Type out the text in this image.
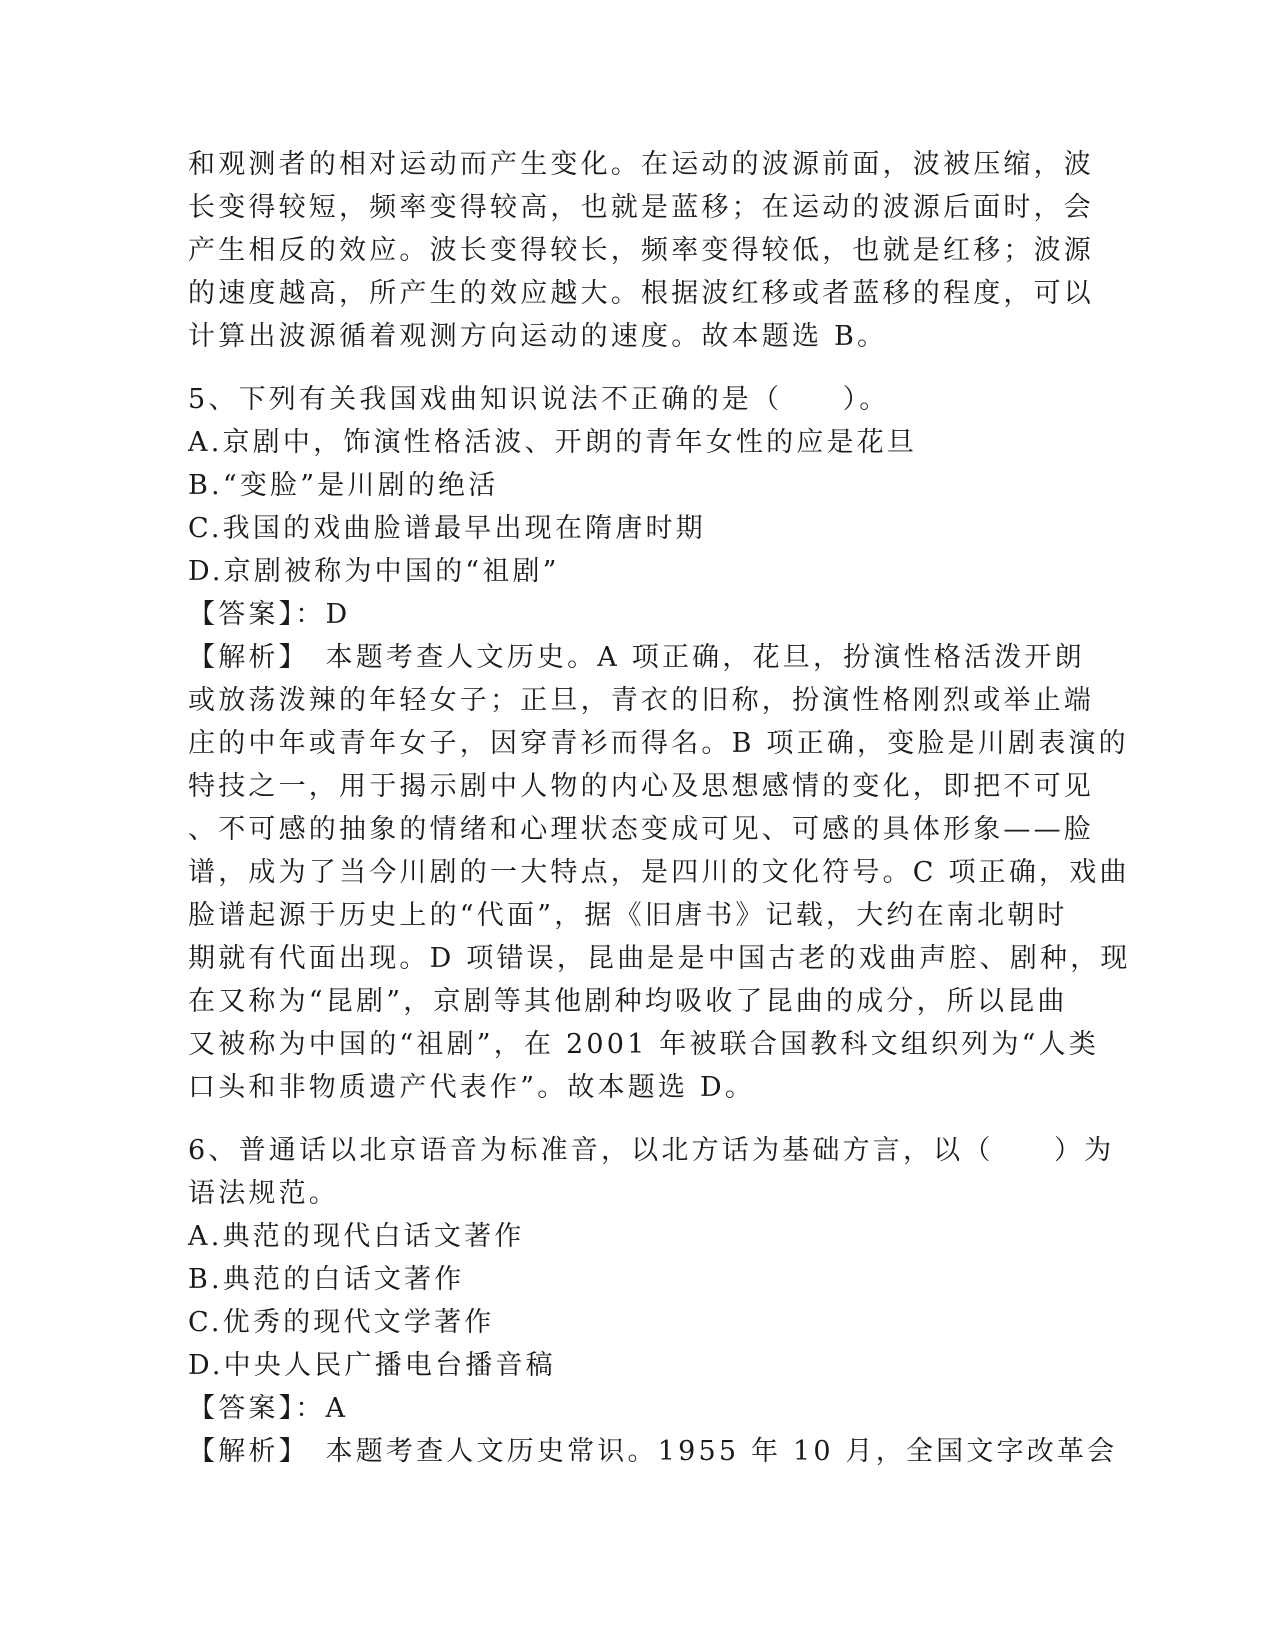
和观测者的相对运动而产生变化。在运动的波源前面，波被压缩，波

长变得较短，频率变得较高，也就是蓝移；在运动的波源后面时，会

产生相反的效应。波长变得较长，频率变得较低，也就是红移；波源

的速度越高，所产生的效应越大。根据波红移或者蓝移的程度，可以

计算出波源循着观测方向运动的速度。故本题选 B。

5、下列有关我国戏曲知识说法不正确的是（　　）。

A.京剧中，饰演性格活波、开朗的青年女性的应是花旦

B.“变脸”是川剧的绝活

C.我国的戏曲脸谱最早出现在隋唐时期

D.京剧被称为中国的“祖剧”

【答案】：D

【解析】　本题考查人文历史。A 项正确，花旦，扮演性格活泼开朗

或放荡泼辣的年轻女子；正旦，青衣的旧称，扮演性格刚烈或举止端

庄的中年或青年女子，因穿青衫而得名。B 项正确，变脸是川剧表演的

特技之一，用于揭示剧中人物的内心及思想感情的变化，即把不可见

、不可感的抽象的情绪和心理状态变成可见、可感的具体形象——脸

谱，成为了当今川剧的一大特点，是四川的文化符号。C 项正确，戏曲

脸谱起源于历史上的“代面”，据《旧唐书》记载，大约在南北朝时

期就有代面出现。D 项错误，昆曲是是中国古老的戏曲声腔、剧种，现

在又称为“昆剧”，京剧等其他剧种均吸收了昆曲的成分，所以昆曲

又被称为中国的“祖剧”，在 2001 年被联合国教科文组织列为“人类

口头和非物质遗产代表作”。故本题选 D。

6、普通话以北京语音为标准音，以北方话为基础方言，以（　　）为

语法规范。

A.典范的现代白话文著作

B.典范的白话文著作

C.优秀的现代文学著作

D.中央人民广播电台播音稿

【答案】：A

【解析】　本题考查人文历史常识。1955 年 10 月，全国文字改革会
